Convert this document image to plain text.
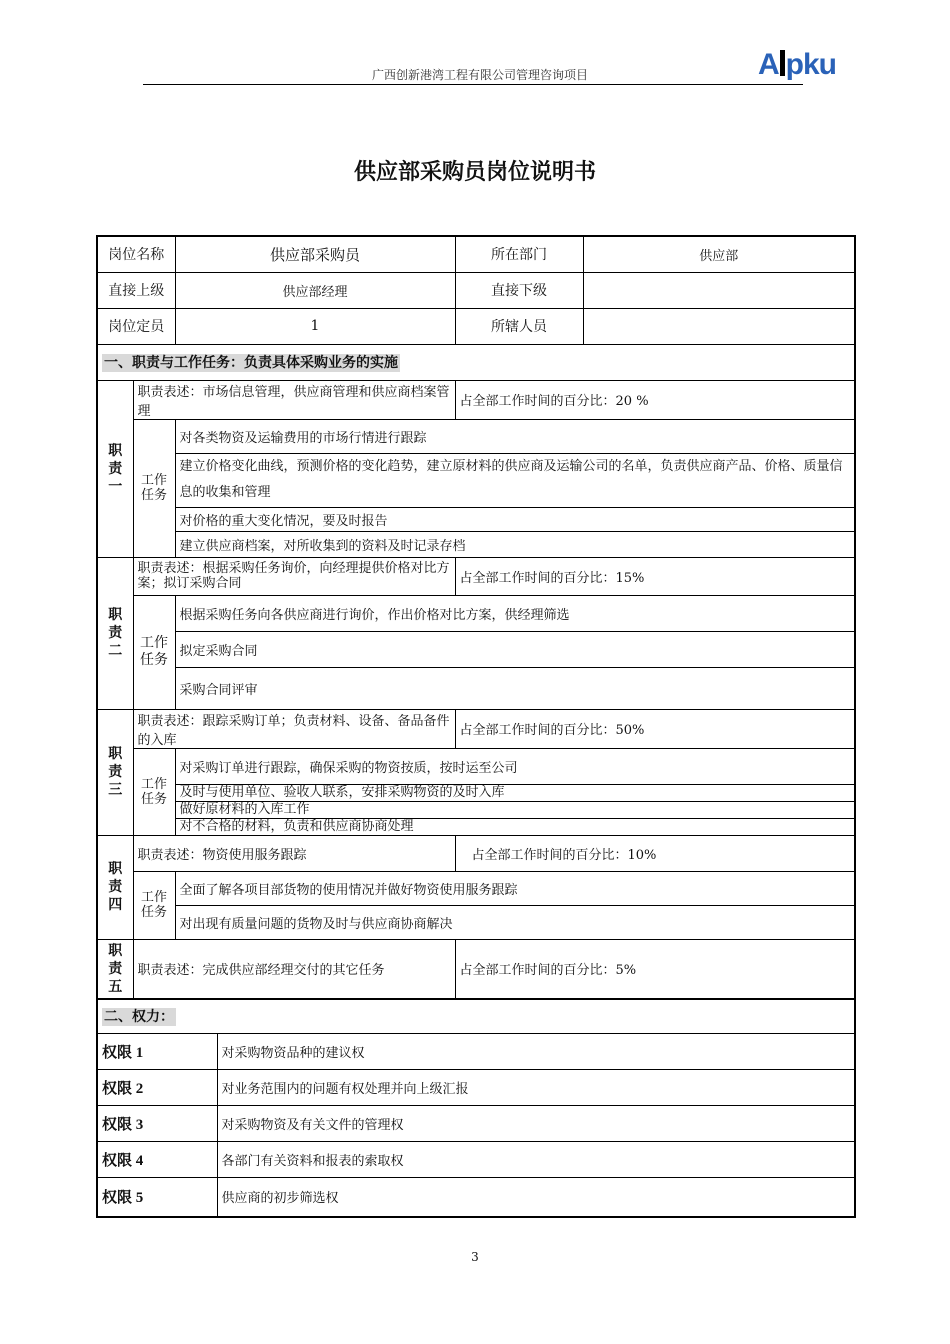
广西创新港湾工程有限公司管理咨询项目	A pku
供应部采购员岗位说明书
岗位名称		供应部采购员		所在部门	供应部
直接上级		供应部经理		直接下级	
岗位定员		1		所辖人员	
一、职责与工作任务：负责具体采购业务的实施					

职责一	职责表述：市场信息管理，供应商管理和供应商档案管理			占全部工作时间的百分比：20 %	

	工作任务	对各类物资及运输费用的市场行情进行跟踪			
		建立价格变化曲线，预测价格的变化趋势，建立原材料的供应商及运输公司的名单，负责供应商产品、价格、质量信息的收集和管理			
		对价格的重大变化情况，要及时报告			
		建立供应商档案，对所收集到的资料及时记录存档			

职责二	职责表述：根据采购任务询价，向经理提供价格对比方案；拟订采购合同			占全部工作时间的百分比：15%	

	工作任务	根据采购任务向各供应商进行询价，作出价格对比方案，供经理筛选			
		拟定采购合同			
		采购合同评审			

职责三	职责表述：跟踪采购订单；负责材料、设备、备品备件的入库			占全部工作时间的百分比：50%	

	工作任务	对采购订单进行跟踪，确保采购的物资按质，按时运至公司			
		及时与使用单位、验收人联系，安排采购物资的及时入库			
		做好原材料的入库工作			
		对不合格的材料，负责和供应商协商处理			

职责四	职责表述：物资使用服务跟踪			占全部工作时间的百分比：10%	

	工作任务	全面了解各项目部货物的使用情况并做好物资使用服务跟踪			
		对出现有质量问题的货物及时与供应商协商解决			

职责五	职责表述：完成供应部经理交付的其它任务			占全部工作时间的百分比：5%	
二、权力：					
权限 1			对采购物资品种的建议权		
权限 2			对业务范围内的问题有权处理并向上级汇报		
权限 3			对采购物资及有关文件的管理权		
权限 4			各部门有关资料和报表的索取权		
权限 5			供应商的初步筛选权		
3
